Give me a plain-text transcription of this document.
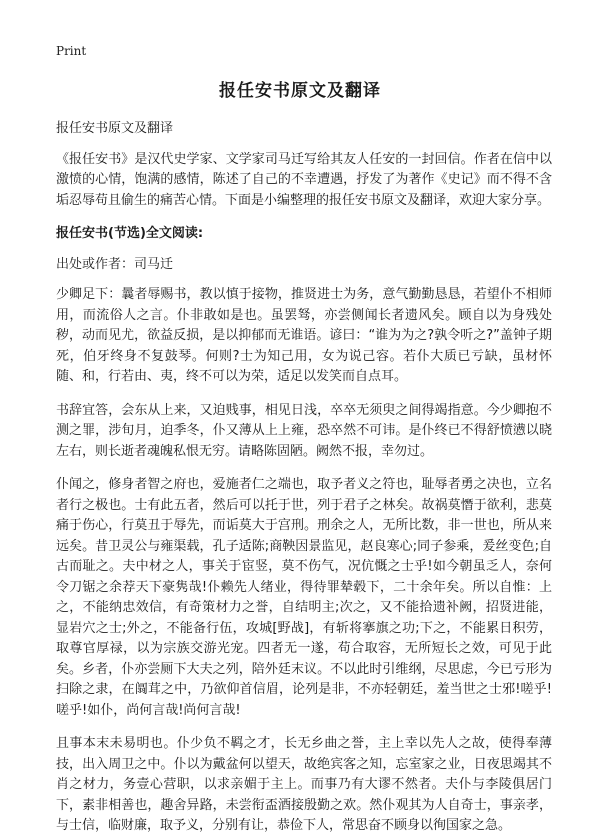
Print
报任安书原文及翻译

报任安书原文及翻译

《报任安书》是汉代史学家、文学家司马迁写给其友人任安的一封回信。作者在信中以激愤的心情，饱满的感情，陈述了自己的不幸遭遇，抒发了为著作《史记》而不得不含垢忍辱苟且偷生的痛苦心情。下面是小编整理的报任安书原文及翻译，欢迎大家分享。

报任安书(节选)全文阅读:

出处或作者：司马迁

少卿足下：曩者辱赐书，教以慎于接物，推贤进士为务，意气勤勤恳恳，若望仆不相师用，而流俗人之言。仆非敢如是也。虽罢驽，亦尝侧闻长者遗风矣。顾自以为身残处秽，动而见尤，欲益反损，是以抑郁而无谁语。谚曰：“谁为为之?孰令听之?”盖钟子期死，伯牙终身不复鼓琴。何则?士为知己用，女为说己容。若仆大质已亏缺，虽材怀随、和，行若由、夷，终不可以为荣，适足以发笑而自点耳。

书辞宜答，会东从上来，又迫贱事，相见日浅，卒卒无须臾之间得竭指意。今少卿抱不测之罪，涉旬月，迫季冬，仆又薄从上上雍，恐卒然不可讳。是仆终已不得舒愤懑以晓左右，则长逝者魂魄私恨无穷。请略陈固陋。阙然不报，幸勿过。

仆闻之，修身者智之府也，爱施者仁之端也，取予者义之符也，耻辱者勇之决也，立名者行之极也。士有此五者，然后可以托于世，列于君子之林矣。故祸莫憯于欲利，悲莫痛于伤心，行莫丑于辱先，而诟莫大于宫刑。刑余之人，无所比数，非一世也，所从来远矣。昔卫灵公与雍渠载，孔子适陈;商鞅因景监见，赵良寒心;同子参乘，爰丝变色;自古而耻之。夫中材之人，事关于宦竖，莫不伤气，况伉慨之士乎!如今朝虽乏人，奈何令刀锯之余荐天下豪隽哉!仆赖先人绪业，得待罪辇毂下，二十余年矣。所以自惟：上之，不能纳忠效信，有奇策材力之誉，自结明主;次之，又不能拾遗补阙，招贤进能，显岩穴之士;外之，不能备行伍，攻城[野战]，有斩将搴旗之功;下之，不能累日积劳，取尊官厚禄，以为宗族交游光宠。四者无一遂，苟合取容，无所短长之效，可见于此矣。乡者，仆亦尝厕下大夫之列，陪外廷末议。不以此时引维纲，尽思虑，今已亏形为扫除之隶，在阘茸之中，乃欲仰首信眉，论列是非，不亦轻朝廷，羞当世之士邪!嗟乎!嗟乎!如仆，尚何言哉!尚何言哉!

且事本末未易明也。仆少负不羁之才，长无乡曲之誉，主上幸以先人之故，使得奉薄技，出入周卫之中。仆以为戴盆何以望天，故绝宾客之知，忘室家之业，日夜思竭其不肖之材力，务壹心营职，以求亲媚于主上。而事乃有大谬不然者。夫仆与李陵俱居门下，素非相善也，趣舍异路，未尝衔盃酒接殷勤之欢。然仆观其为人自奇士，事亲孝，与士信，临财廉，取予义，分别有让，恭俭下人，常思奋不顾身以徇国家之急。
